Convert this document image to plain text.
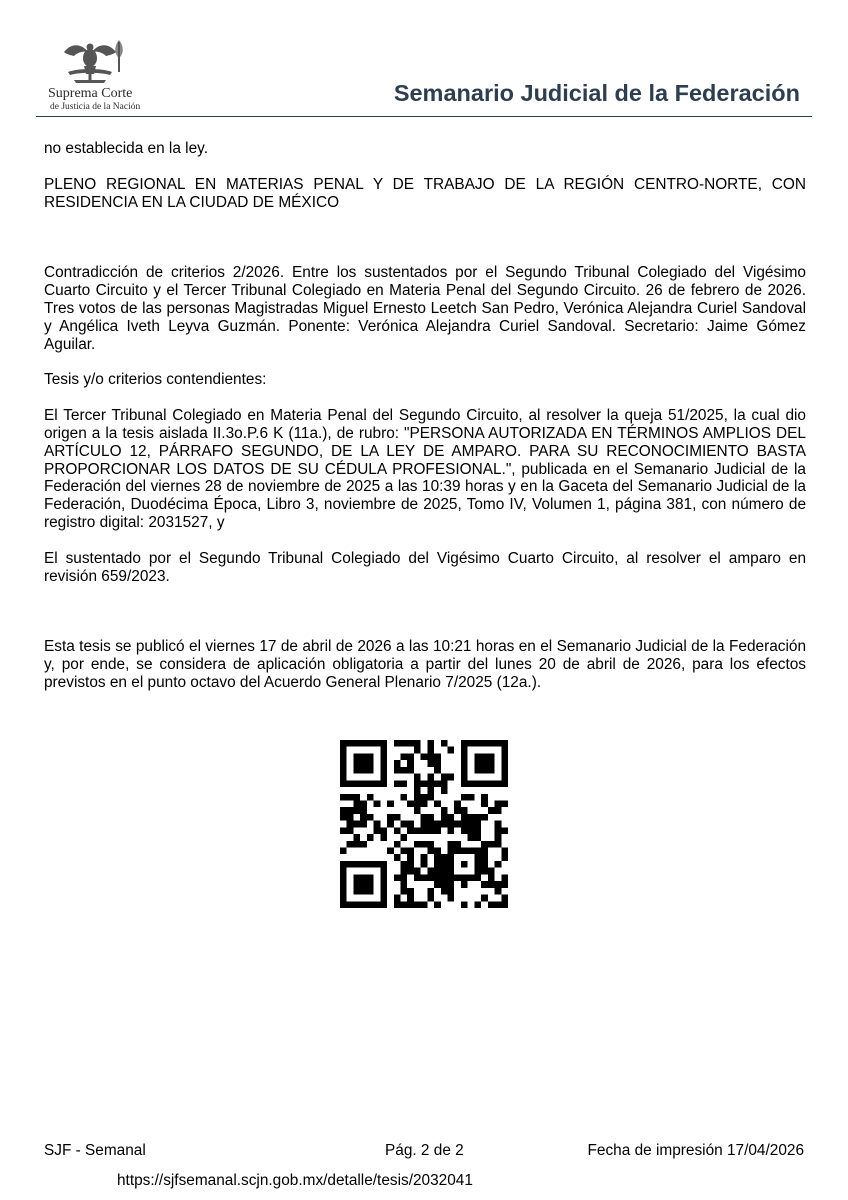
Suprema Corte
de Justicia de la Nación
Semanario Judicial de la Federación

no establecida en la ley.

PLENO REGIONAL EN MATERIAS PENAL Y DE TRABAJO DE LA REGIÓN CENTRO-NORTE, CON RESIDENCIA EN LA CIUDAD DE MÉXICO

Contradicción de criterios 2/2026. Entre los sustentados por el Segundo Tribunal Colegiado del Vigésimo Cuarto Circuito y el Tercer Tribunal Colegiado en Materia Penal del Segundo Circuito. 26 de febrero de 2026. Tres votos de las personas Magistradas Miguel Ernesto Leetch San Pedro, Verónica Alejandra Curiel Sandoval y Angélica Iveth Leyva Guzmán. Ponente: Verónica Alejandra Curiel Sandoval. Secretario: Jaime Gómez Aguilar.

Tesis y/o criterios contendientes:

El Tercer Tribunal Colegiado en Materia Penal del Segundo Circuito, al resolver la queja 51/2025, la cual dio origen a la tesis aislada II.3o.P.6 K (11a.), de rubro: "PERSONA AUTORIZADA EN TÉRMINOS AMPLIOS DEL ARTÍCULO 12, PÁRRAFO SEGUNDO, DE LA LEY DE AMPARO. PARA SU RECONOCIMIENTO BASTA PROPORCIONAR LOS DATOS DE SU CÉDULA PROFESIONAL.", publicada en el Semanario Judicial de la Federación del viernes 28 de noviembre de 2025 a las 10:39 horas y en la Gaceta del Semanario Judicial de la Federación, Duodécima Época, Libro 3, noviembre de 2025, Tomo IV, Volumen 1, página 381, con número de registro digital: 2031527, y

El sustentado por el Segundo Tribunal Colegiado del Vigésimo Cuarto Circuito, al resolver el amparo en revisión 659/2023.

Esta tesis se publicó el viernes 17 de abril de 2026 a las 10:21 horas en el Semanario Judicial de la Federación y, por ende, se considera de aplicación obligatoria a partir del lunes 20 de abril de 2026, para los efectos previstos en el punto octavo del Acuerdo General Plenario 7/2025 (12a.).

SJF - Semanal	Pág. 2 de 2	Fecha de impresión 17/04/2026
https://sjfsemanal.scjn.gob.mx/detalle/tesis/2032041
